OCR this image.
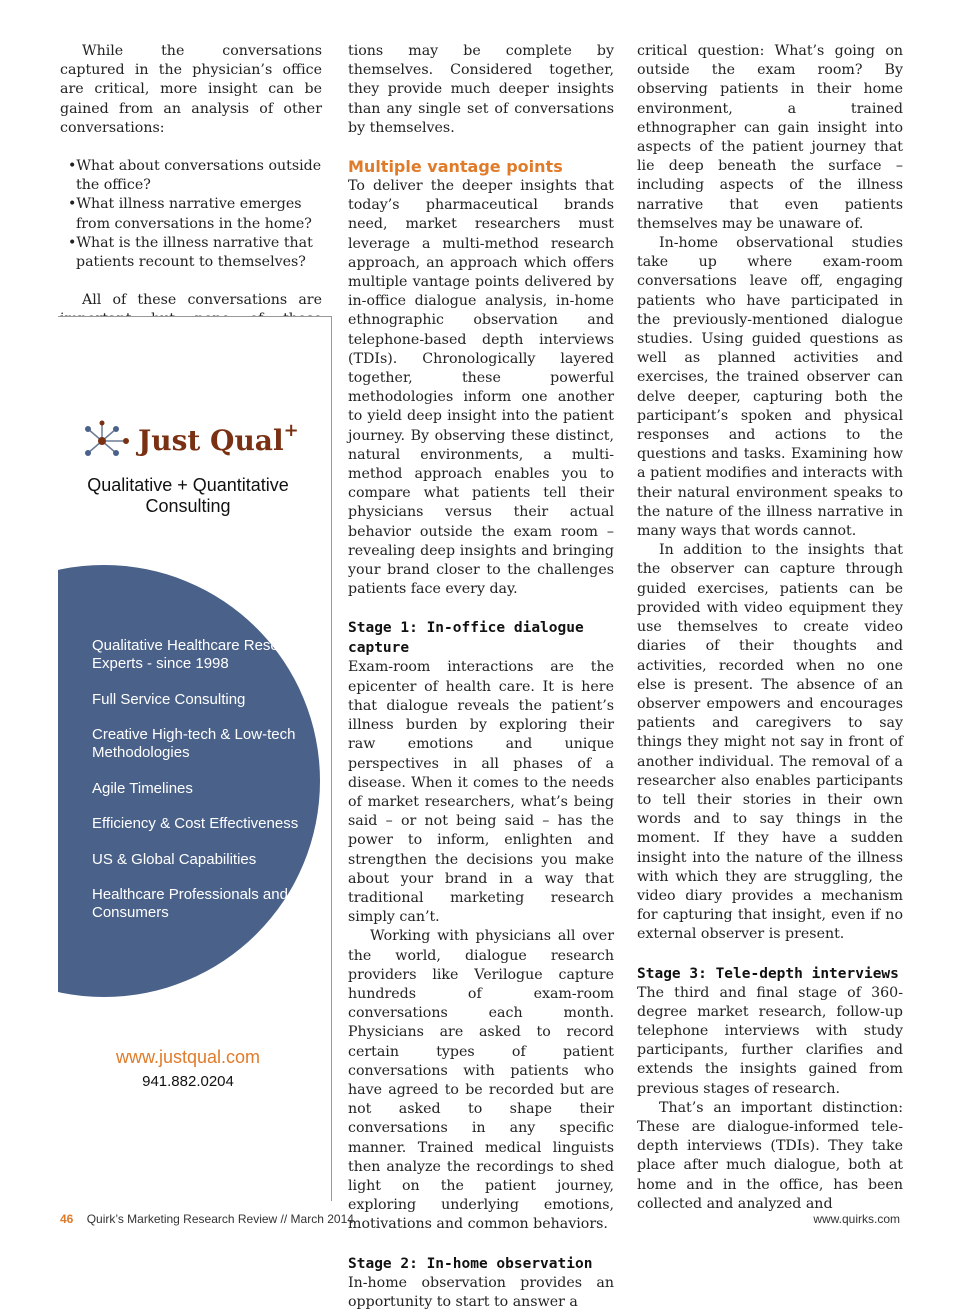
While the conversations captured in the physician’s office are critical, more insight can be gained from an analysis of other conversations:

• What about conversations outside the office?
• What illness narrative emerges from conversations in the home?
• What is the illness narrative that patients recount to themselves?

All of these conversations are

Just Qual+
Qualitative + Quantitative
Consulting
Qualitative Healthcare Research Experts - since 1998
Full Service Consulting
Creative High-tech & Low-tech Methodologies
Agile Timelines
Efficiency & Cost Effectiveness
US & Global Capabilities
Healthcare Professionals and Consumers
www.justqual.com
941.882.0204

tions may be complete by themselves. Considered together, they provide much deeper insights than any single set of conversations by themselves.

Multiple vantage points

To deliver the deeper insights that today’s pharmaceutical brands need, market researchers must leverage a multi-method research approach, an approach which offers multiple vantage points delivered by in-office dialogue analysis, in-home ethnographic observation and telephone-based depth interviews (TDIs). Chronologically layered together, these powerful methodologies inform one another to yield deep insight into the patient journey. By observing these distinct, natural environments, a multi-method approach enables you to compare what patients tell their physicians versus their actual behavior outside the exam room – revealing deep insights and bringing your brand closer to the challenges patients face every day.

Stage 1: In-office dialogue capture

Exam-room interactions are the epicenter of health care. It is here that dialogue reveals the patient’s illness burden by exploring their raw emotions and unique perspectives in all phases of a disease. When it comes to the needs of market researchers, what’s being said – or not being said – has the power to inform, enlighten and strengthen the decisions you make about your brand in a way that traditional marketing research simply can’t.

Working with physicians all over the world, dialogue research providers like Verilogue capture hundreds of exam-room conversations each month. Physicians are asked to record certain types of patient conversations with patients who have agreed to be recorded but are not asked to shape their conversations in any specific manner. Trained medical linguists then analyze the recordings to shed light on the patient journey, exploring underlying emotions, motivations and common behaviors.

Stage 2: In-home observation

In-home observation provides an opportunity to start to answer a

critical question: What’s going on outside the exam room? By observing patients in their home environment, a trained ethnographer can gain insight into aspects of the patient journey that lie deep beneath the surface – including aspects of the illness narrative that even patients themselves may be unaware of.

In-home observational studies take up where exam-room conversations leave off, engaging patients who have participated in the previously-mentioned dialogue studies. Using guided questions as well as planned activities and exercises, the trained observer can delve deeper, capturing both the participant’s spoken and physical responses and actions to the questions and tasks. Examining how a patient modifies and interacts with their natural environment speaks to the nature of the illness narrative in many ways that words cannot.

In addition to the insights that the observer can capture through guided exercises, patients can be provided with video equipment they use themselves to create video diaries of their thoughts and activities, recorded when no one else is present. The absence of an observer empowers and encourages patients and caregivers to say things they might not say in front of another individual. The removal of a researcher also enables participants to tell their stories in their own words and to say things in the moment. If they have a sudden insight into the nature of the illness with which they are struggling, the video diary provides a mechanism for capturing that insight, even if no external observer is present.

Stage 3: Tele-depth interviews

The third and final stage of 360-degree market research, follow-up telephone interviews with study participants, further clarifies and extends the insights gained from previous stages of research.

That’s an important distinction: These are dialogue-informed tele-depth interviews (TDIs). They take place after much dialogue, both at home and in the office, has been collected and analyzed and

46 Quirk’s Marketing Research Review // March 2014	www.quirks.com
